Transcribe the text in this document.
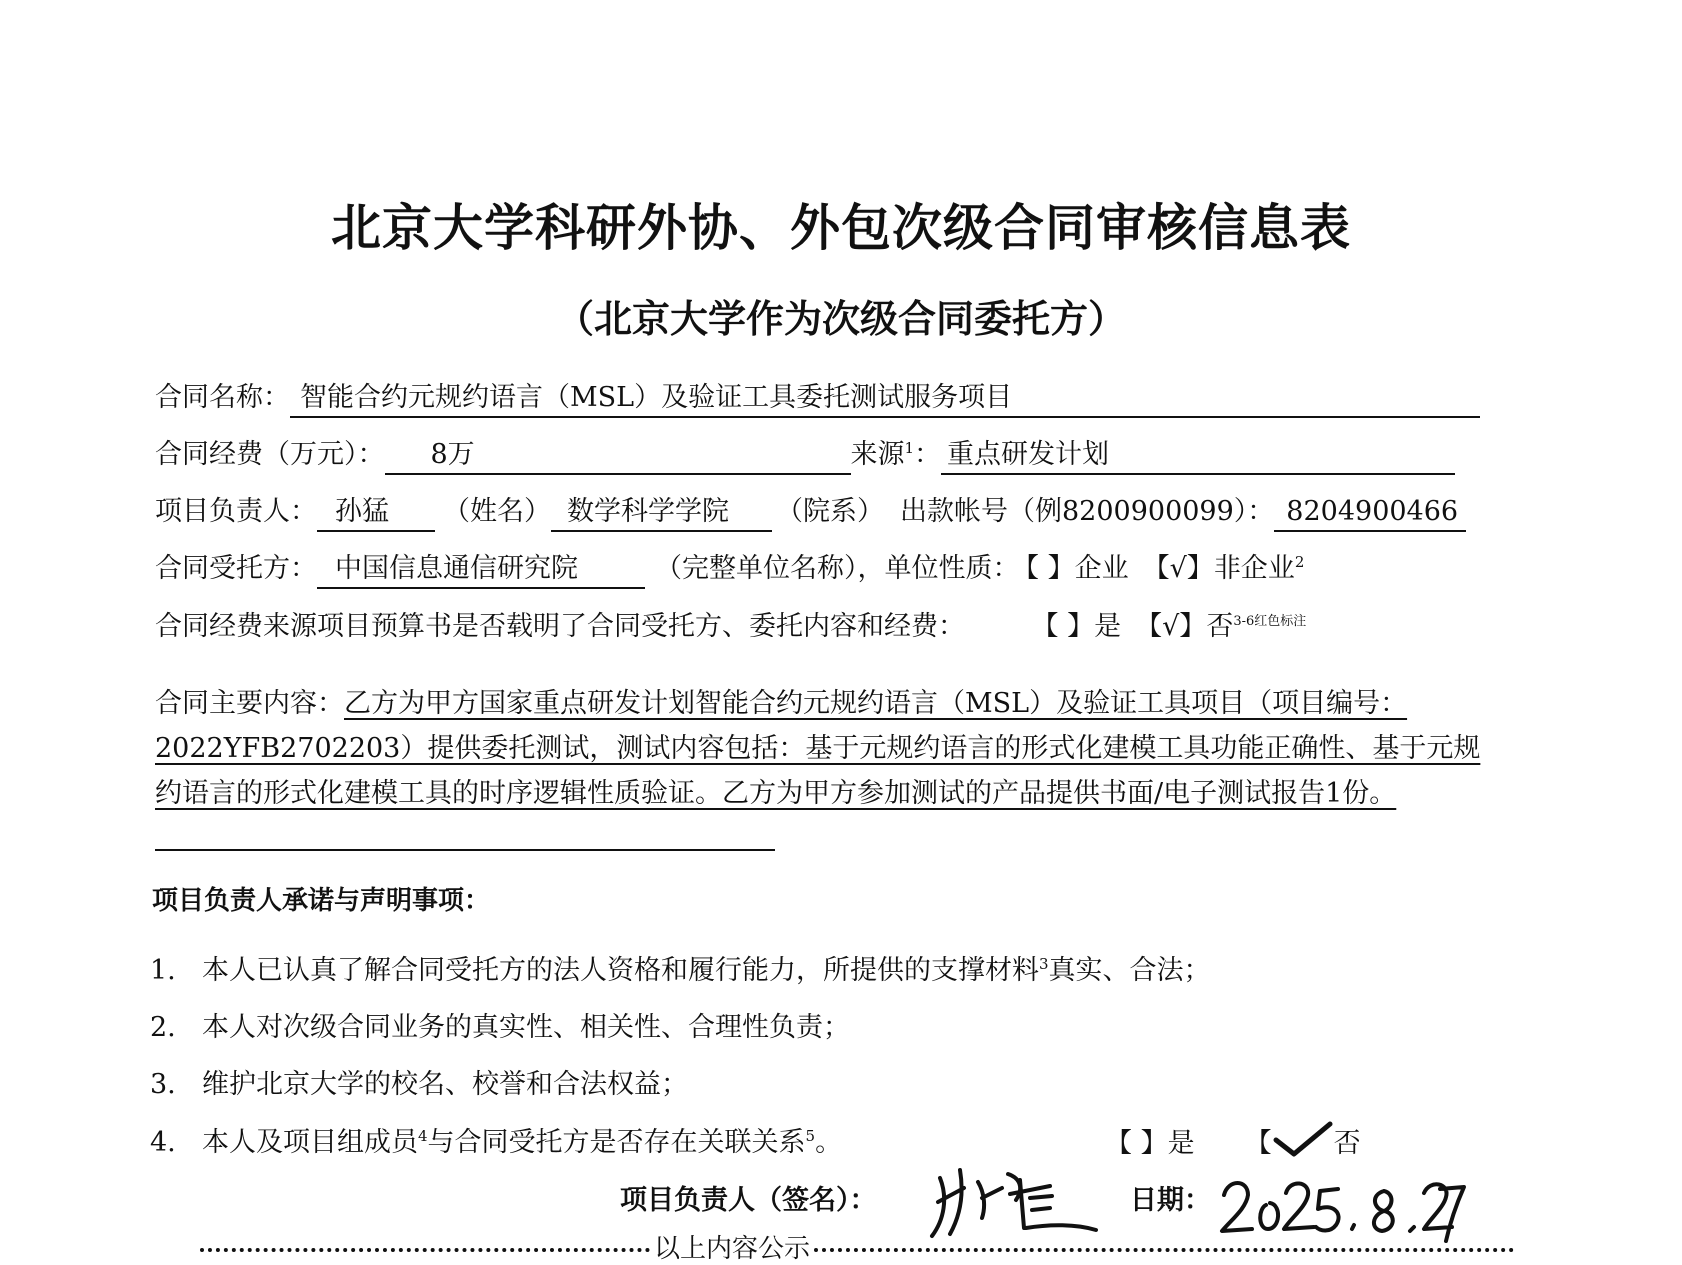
北京大学科研外协、外包次级合同审核信息表
（北京大学作为次级合同委托方）
合同名称： 智能合约元规约语言（MSL）及验证工具委托测试服务项目
合同经费（万元）： 8万	来源$^1$： 重点研发计划
项目负责人： 孙猛 （姓名） 数学科学学院 （院系） 出款帐号（例8200900099）： 8204900466
合同受托方： 中国信息通信研究院	（完整单位名称），单位性质： 【 】企业 【√】非企业$^2$
合同经费来源项目预算书是否载明了合同受托方、委托内容和经费：	【 】是 【√】否$^{3-6红色标注}$
合同主要内容：乙方为甲方国家重点研发计划智能合约元规约语言（MSL）及验证工具项目（项目编号：2022YFB2702203）提供委托测试，测试内容包括：基于元规约语言的形式化建模工具功能正确性、基于元规约语言的形式化建模工具的时序逻辑性质验证。乙方为甲方参加测试的产品提供书面/电子测试报告1份。
项目负责人承诺与声明事项：
1. 本人已认真了解合同受托方的法人资格和履行能力，所提供的支撑材料$^3$真实、合法；
2. 本人对次级合同业务的真实性、相关性、合理性负责；
3. 维护北京大学的校名、校誉和合法权益；
4. 本人及项目组成员$^4$与合同受托方是否存在关联关系$^5$。	【 】是 【 否
项目负责人（签名）：	日期：
以上内容公示
